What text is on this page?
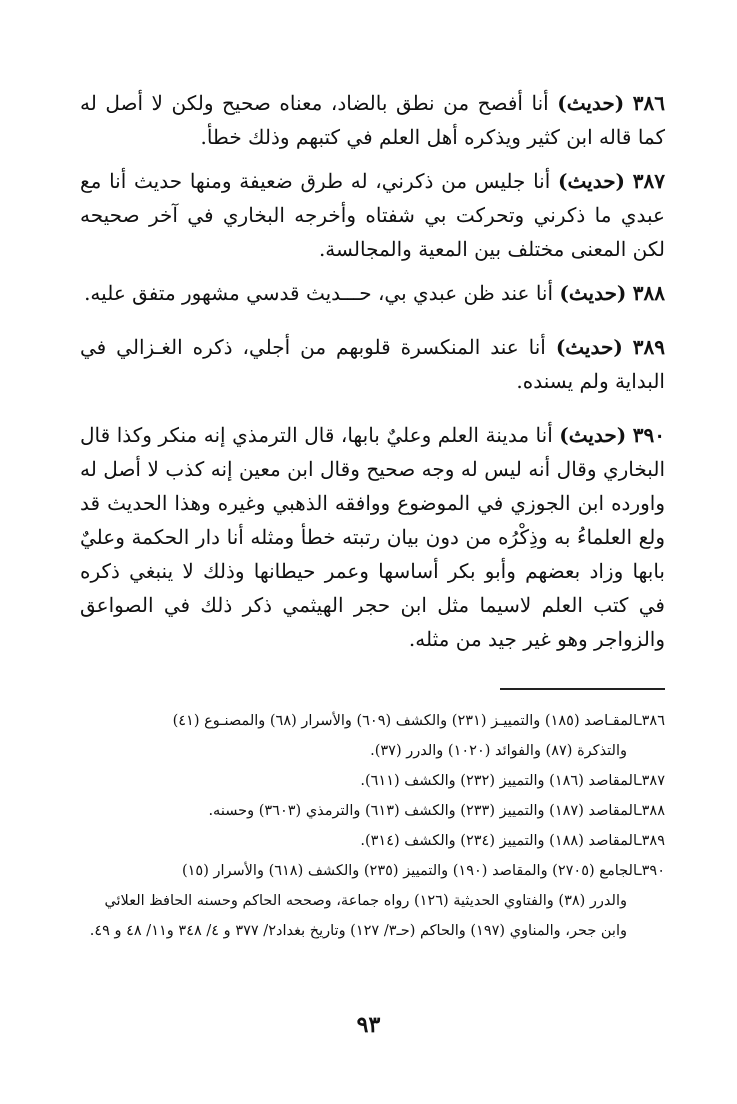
٣٨٦ (حديث) أنا أفصح من نطق بالضاد، معناه صحيح ولكن لا أصل له كما قاله ابن كثير ويذكره أهل العلم في كتبهم وذلك خطأ.

٣٨٧ (حديث) أنا جليس من ذكرني، له طرق ضعيفة ومنها حديث أنا مع عبدي ما ذكرني وتحركت بي شفتاه وأخرجه البخاري في آخر صحيحه لكن المعنى مختلف بين المعية والمجالسة.

٣٨٨ (حديث) أنا عند ظن عبدي بي، حـــديث قدسي مشهور متفق عليه.

٣٨٩ (حديث) أنا عند المنكسرة قلوبهم من أجلي، ذكره الغـزالي في البداية ولم يسنده.

٣٩٠ (حديث) أنا مدينة العلم وعليٌ بابها، قال الترمذي إنه منكر وكذا قال البخاري وقال أنه ليس له وجه صحيح وقال ابن معين إنه كذب لا أصل له واورده ابن الجوزي في الموضوع ووافقه الذهبي وغيره وهذا الحديث قد ولع العلماءُ به وذِكْرُه من دون بيان رتبته خطأ ومثله أنا دار الحكمة وعليٌ بابها وزاد بعضهم وأبو بكر أساسها وعمر حيطانها وذلك لا ينبغي ذكره في كتب العلم لاسيما مثل ابن حجر الهيثمي ذكر ذلك في الصواعق والزواجر وهو غير جيد من مثله.

٣٨٦ـالمقـاصد (١٨٥) والتمييـز (٢٣١) والكشف (٦٠٩) والأسرار (٦٨) والمصنـوع (٤١)
والتذكرة (٨٧) والفوائد (١٠٢٠) والدرر (٣٧).

٣٨٧ـالمقاصد (١٨٦) والتمييز (٢٣٢) والكشف (٦١١).

٣٨٨ـالمقاصد (١٨٧) والتمييز (٢٣٣) والكشف (٦١٣) والترمذي (٣٦٠٣) وحسنه.

٣٨٩ـالمقاصد (١٨٨) والتمييز (٢٣٤) والكشف (٣١٤).

٣٩٠ـالجامع (٢٧٠٥) والمقاصد (١٩٠) والتمييز (٢٣٥) والكشف (٦١٨) والأسرار (١٥)
والدرر (٣٨) والفتاوي الحديثية (١٢٦) رواه جماعة، وصححه الحاكم وحسنه الحافظ العلائي وابن جحر، والمناوي (١٩٧) والحاكم (حـ٣/ ١٢٧) وتاريخ بغداد٢/ ٣٧٧ و ٤/ ٣٤٨ و١١/ ٤٨ و ٤٩.

٩٣
